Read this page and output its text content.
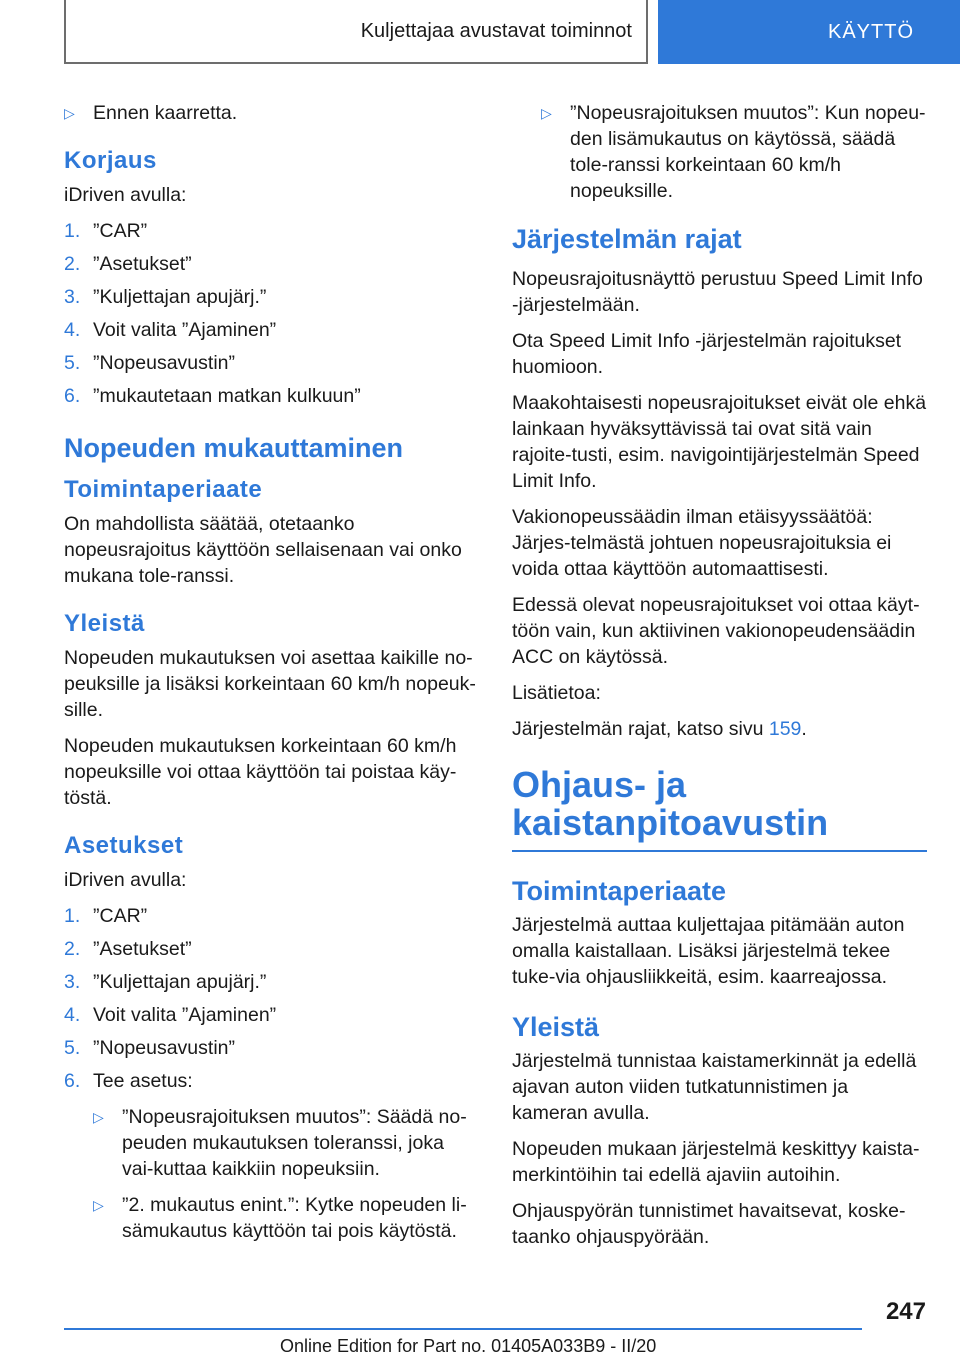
Kuljettajaa avustavat toiminnot	KÄYTTÖ
▷ Ennen kaarretta.
Korjaus

iDriven avulla:

1. ”CAR”
2. ”Asetukset”
3. ”Kuljettajan apujärj.”
4. Voit valita ”Ajaminen”
5. ”Nopeusavustin”
6. ”mukautetaan matkan kulkuun”
Nopeuden mukauttaminen
Toimintaperiaate

On mahdollista säätää, otetaanko nopeusrajoitus käyttöön sellaisenaan vai onko mukana tole-ranssi.

Yleistä

Nopeuden mukautuksen voi asettaa kaikille no-peuksille ja lisäksi korkeintaan 60 km/h nopeuk-sille.

Nopeuden mukautuksen korkeintaan 60 km/h nopeuksille voi ottaa käyttöön tai poistaa käy-töstä.

Asetukset

iDriven avulla:

1. ”CAR”
2. ”Asetukset”
3. ”Kuljettajan apujärj.”
4. Voit valita ”Ajaminen”
5. ”Nopeusavustin”
6. Tee asetus:
▷ ”Nopeusrajoituksen muutos”: Säädä no-peuden mukautuksen toleranssi, joka vai-kuttaa kaikkiin nopeuksiin.
▷ ”2. mukautus enint.”: Kytke nopeuden li-sämukautus käyttöön tai pois käytöstä.
▷ ”Nopeusrajoituksen muutos”: Kun nopeu-den lisämukautus on käytössä, säädä tole-ranssi korkeintaan 60 km/h nopeuksille.
Järjestelmän rajat

Nopeusrajoitusnäyttö perustuu Speed Limit Info -järjestelmään.

Ota Speed Limit Info -järjestelmän rajoitukset huomioon.

Maakohtaisesti nopeusrajoitukset eivät ole ehkä lainkaan hyväksyttävissä tai ovat sitä vain rajoite-tusti, esim. navigointijärjestelmän Speed Limit Info.

Vakionopeussäädin ilman etäisyyssäätöä: Järjes-telmästä johtuen nopeusrajoituksia ei voida ottaa käyttöön automaattisesti.

Edessä olevat nopeusrajoitukset voi ottaa käyt-töön vain, kun aktiivinen vakionopeudensäädin ACC on käytössä.

Lisätietoa:

Järjestelmän rajat, katso sivu 159.

Ohjaus- ja kaistanpitoavustin
Toimintaperiaate

Järjestelmä auttaa kuljettajaa pitämään auton omalla kaistallaan. Lisäksi järjestelmä tekee tuke-via ohjausliikkeitä, esim. kaarreajossa.

Yleistä

Järjestelmä tunnistaa kaistamerkinnät ja edellä ajavan auton viiden tutkatunnistimen ja kameran avulla.

Nopeuden mukaan järjestelmä keskittyy kaista-merkintöihin tai edellä ajaviin autoihin.

Ohjauspyörän tunnistimet havaitsevat, koske-taanko ohjauspyörään.

247
Online Edition for Part no. 01405A033B9 - II/20
